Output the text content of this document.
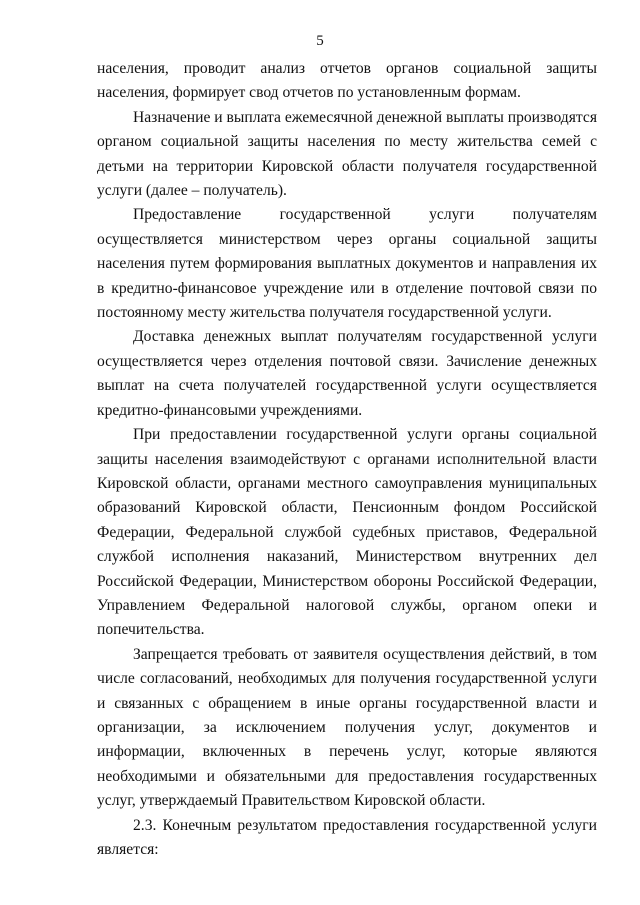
5

населения, проводит анализ отчетов органов социальной защиты населения, формирует свод отчетов по установленным формам.

Назначение и выплата ежемесячной денежной выплаты производятся органом социальной защиты населения по месту жительства семей с детьми на территории Кировской области получателя государственной услуги (далее – получатель).

Предоставление государственной услуги получателям осуществляется министерством через органы социальной защиты населения путем формирования выплатных документов и направления их в кредитно-финансовое учреждение или в отделение почтовой связи по постоянному месту жительства получателя государственной услуги.

Доставка денежных выплат получателям государственной услуги осуществляется через отделения почтовой связи. Зачисление денежных выплат на счета получателей государственной услуги осуществляется кредитно-финансовыми учреждениями.

При предоставлении государственной услуги органы социальной защиты населения взаимодействуют с органами исполнительной власти Кировской области, органами местного самоуправления муниципальных образований Кировской области, Пенсионным фондом Российской Федерации, Федеральной службой судебных приставов, Федеральной службой исполнения наказаний, Министерством внутренних дел Российской Федерации, Министерством обороны Российской Федерации, Управлением Федеральной налоговой службы, органом опеки и попечительства.

Запрещается требовать от заявителя осуществления действий, в том числе согласований, необходимых для получения государственной услуги и связанных с обращением в иные органы государственной власти и организации, за исключением получения услуг, документов и информации, включенных в перечень услуг, которые являются необходимыми и обязательными для предоставления государственных услуг, утверждаемый Правительством Кировской области.

2.3. Конечным результатом предоставления государственной услуги является:
